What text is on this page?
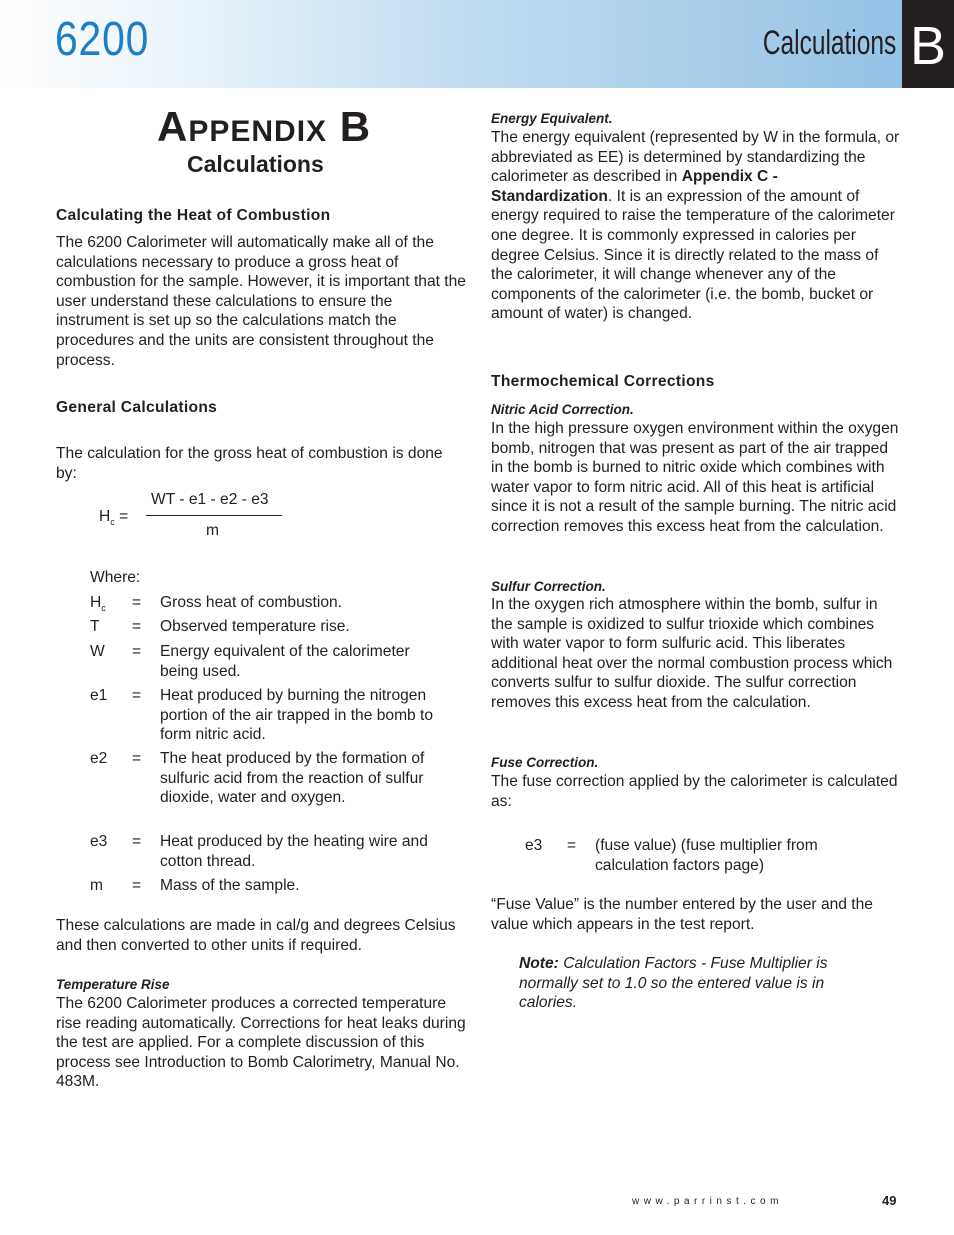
6200	Calculations B
APPENDIX B
Calculations
Calculating the Heat of Combustion

The 6200 Calorimeter will automatically make all of the calculations necessary to produce a gross heat of combustion for the sample. However, it is important that the user understand these calculations to ensure the instrument is set up so the calculations match the procedures and the units are consistent throughout the process.

General Calculations

The calculation for the gross heat of combustion is done by:

WT - e1 - e2 - e3
$H_c$ =
m
Where:
$H_c$	= Gross heat of combustion.
T	= Observed temperature rise.
W	= Energy equivalent of the calorimeter being used.
e1	= Heat produced by burning the nitrogen portion of the air trapped in the bomb to form nitric acid.
e2	= The heat produced by the formation of sulfuric acid from the reaction of sulfur dioxide, water and oxygen.
e3	= Heat produced by the heating wire and cotton thread.
m	= Mass of the sample.

These calculations are made in cal/g and degrees Celsius and then converted to other units if required.

Temperature Rise

The 6200 Calorimeter produces a corrected temperature rise reading automatically. Corrections for heat leaks during the test are applied. For a complete discussion of this process see Introduction to Bomb Calorimetry, Manual No. 483M.

Energy Equivalent.

The energy equivalent (represented by W in the formula, or abbreviated as EE) is determined by standardizing the calorimeter as described in Appendix C - Standardization. It is an expression of the amount of energy required to raise the temperature of the calorimeter one degree. It is commonly expressed in calories per degree Celsius. Since it is directly related to the mass of the calorimeter, it will change whenever any of the components of the calorimeter (i.e. the bomb, bucket or amount of water) is changed.

Thermochemical Corrections
Nitric Acid Correction.

In the high pressure oxygen environment within the oxygen bomb, nitrogen that was present as part of the air trapped in the bomb is burned to nitric oxide which combines with water vapor to form nitric acid. All of this heat is artificial since it is not a result of the sample burning. The nitric acid correction removes this excess heat from the calculation.

Sulfur Correction.

In the oxygen rich atmosphere within the bomb, sulfur in the sample is oxidized to sulfur trioxide which combines with water vapor to form sulfuric acid. This liberates additional heat over the normal combustion process which converts sulfur to sulfur dioxide. The sulfur correction removes this excess heat from the calculation.

Fuse Correction.

The fuse correction applied by the calorimeter is calculated as:

e3 = (fuse value) (fuse multiplier from calculation factors page)

“Fuse Value” is the number entered by the user and the value which appears in the test report.

Note: Calculation Factors - Fuse Multiplier is normally set to 1.0 so the entered value is in calories.

www.parrinst.com	49
